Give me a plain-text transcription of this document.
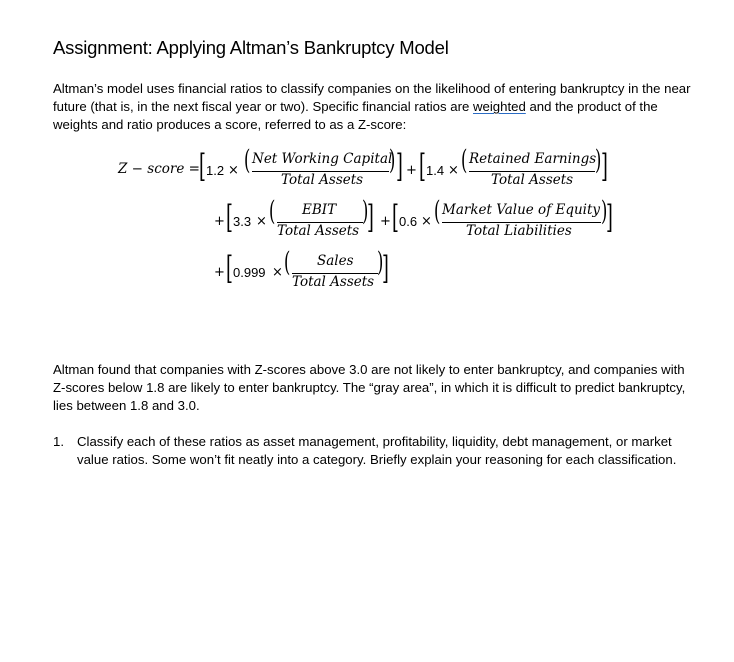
Assignment: Applying Altman’s Bankruptcy Model

Altman’s model uses financial ratios to classify companies on the likelihood of entering bankruptcy in the near future (that is, in the next fiscal year or two). Specific financial ratios are weighted and the product of the weights and ratio produces a score, referred to as a Z-score:

Z − score = [ 1.2 × ( Net Working Capital
Total Assets
) ] + [ 1.4 × ( Retained Earnings
Total Assets
) ]
+ [ 3.3 × ( EBIT
Total Assets
)
] + [ 0.6 × ( Market Value of Equity
Total Liabilities
)
]
+ [ 0.999 × ( Sales
Total Assets
)
]

Altman found that companies with Z-scores above 3.0 are not likely to enter bankruptcy, and companies with Z-scores below 1.8 are likely to enter bankruptcy. The “gray area”, in which it is difficult to predict bankruptcy, lies between 1.8 and 3.0.

1. Classify each of these ratios as asset management, profitability, liquidity, debt management, or market value ratios. Some won’t fit neatly into a category. Briefly explain your reasoning for each classification.
